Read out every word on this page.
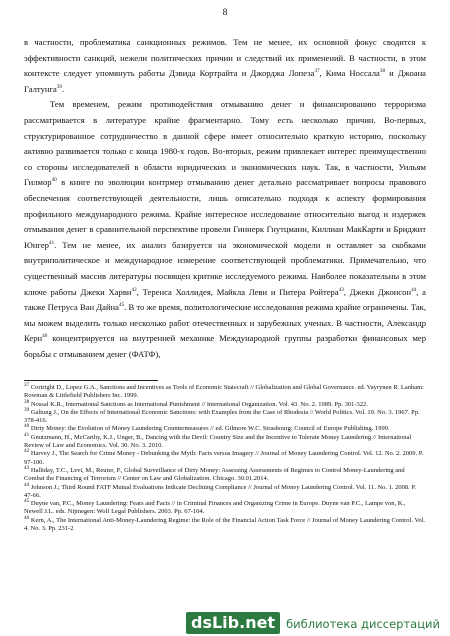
8

в частности, проблематика санкционных режимов. Тем не менее, их основной фокус сводится к эффективности санкций, нежели политических причин и следствий их применений. В частности, в этом контексте следует упомянуть работы Дэвида Кортрайта и Джорджа Лопеза$^{37}$, Кима Носсала$^{38}$ и Джоана Галтунга$^{39}$.

Тем временем, режим противодействия отмыванию денег и финансированию терроризма рассматривается в литературе крайне фрагментарно. Тому есть несколько причин. Во-первых, структурированное сотрудничество в данной сфере имеет относительно краткую историю, поскольку активно развивается только с конца 1980-х годов. Во-вторых, режим привлекает интерес преимущественно со стороны исследователей в области юридических и экономических наук. Так, в частности, Уильям Гилмор$^{40}$ в книге по эволюции контрмер отмыванию денег детально рассматривает вопросы правового обеспечения соответствующей деятельности, лишь описательно подходя к аспекту формирования профильного международного режима. Крайне интересное исследование относительно выгод и издержек отмывания денег в сравнительной перспективе провели Гиннерк Гнутцманн, Киллиан МакКарти и Бриджит Юнгер$^{41}$. Тем не менее, их анализ базируется на экономической модели и оставляет за скобками внутриполитическое и международное измерение соответствующей проблематики. Примечательно, что существенный массив литературы посвящен критике исследуемого режима. Наиболее показательны в этом ключе работы Джеки Харви$^{42}$, Теренса Холлидея, Майкла Леви и Питера Ройтера$^{43}$, Джеки Джонсон$^{44}$, а также Петруса Ван Дайна$^{45}$. В то же время, политологические исследования режима крайне ограничены. Так, мы можем выделить только несколько работ отечественных и зарубежных ученых. В частности, Александр Керн$^{46}$ концентрируется на внутренней механике Международной группы разработки финансовых мер борьбы с отмыванием денег (ФАТФ),

$^{37}$ Cortright D., Lopez G.A., Sanctions and Incentives as Tools of Economic Statecraft // Globalization and Global Governance. ed. Vayrynen R. Lanham: Rowman & Littlefield Publishers Inc. 1999.
$^{38}$ Nossal K.R., International Sanctions as International Punishment // International Organization. Vol. 43. No. 2. 1989. Pp. 301-322.
$^{39}$ Galtung J., On the Effects of International Economic Sanctions: with Examples from the Case of Rhodesia // World Politics. Vol. 19. No. 3. 1967. Pp. 378-416.
$^{40}$ Dirty Money: the Evolution of Money Laundering Countermeasures // ed. Gilmore W.C. Strasbourg: Council of Europe Publishing. 1999.
$^{41}$ Gnutzmann, H., McCarthy, K.J., Unger, B., Dancing with the Devil: Country Size and the Incentive to Tolerate Money Laundering // International Review of Law and Economics. Vol. 30. No. 3. 2010.
$^{42}$ Harvey J., The Search for Crime Money - Debunking the Myth: Facts versus Imagery // Journal of Money Laundering Control. Vol. 12. No. 2. 2009. P. 97-100.
$^{43}$ Halliday, T.C., Levi, M., Reuter, P., Global Surveillance of Dirty Money: Assessing Assessments of Regimes to Control Money-Laundering and Combat the Financing of Terrorism // Center on Law and Globalization. Chicago. 30.01.2014.
$^{44}$ Johnson J.; Third Round FATF Mutual Evaluations Indicate Declining Compliance // Journal of Money Laundering Control. Vol. 11. No. 1. 2008. P. 47-66.
$^{45}$ Duyne van, P.C., Money Laundering: Fears and Facts // in Criminal Finances and Organizing Crime in Europe. Duyne van P.C., Lampe von, K., Newell J.L. eds. Nijmegen: Wolf Legal Publishers. 2003. Pp. 67-104.
$^{46}$ Kern, A., The International Anti-Money-Laundering Regime: the Role of the Financial Action Task Force // Journal of Money Laundering Control. Vol. 4. No. 3. Pp. 231-2
dsLib.net библиотека диссертаций
